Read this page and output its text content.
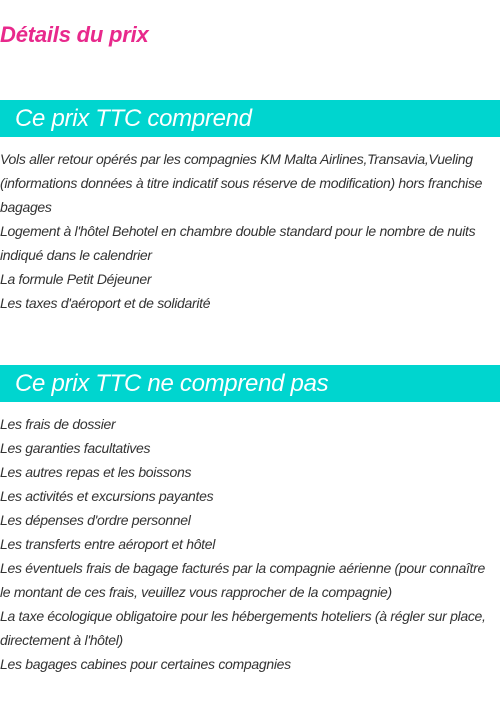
Détails du prix
Ce prix TTC comprend
Vols aller retour opérés par les compagnies KM Malta Airlines,Transavia,Vueling (informations données à titre indicatif sous réserve de modification) hors franchise bagages
Logement à l'hôtel Behotel en chambre double standard pour le nombre de nuits indiqué dans le calendrier
La formule Petit Déjeuner
Les taxes d'aéroport et de solidarité
Ce prix TTC ne comprend pas
Les frais de dossier
Les garanties facultatives
Les autres repas et les boissons
Les activités et excursions payantes
Les dépenses d'ordre personnel
Les transferts entre aéroport et hôtel
Les éventuels frais de bagage facturés par la compagnie aérienne (pour connaître le montant de ces frais, veuillez vous rapprocher de la compagnie)
La taxe écologique obligatoire pour les hébergements hoteliers (à régler sur place, directement à l'hôtel)
Les bagages cabines pour certaines compagnies
